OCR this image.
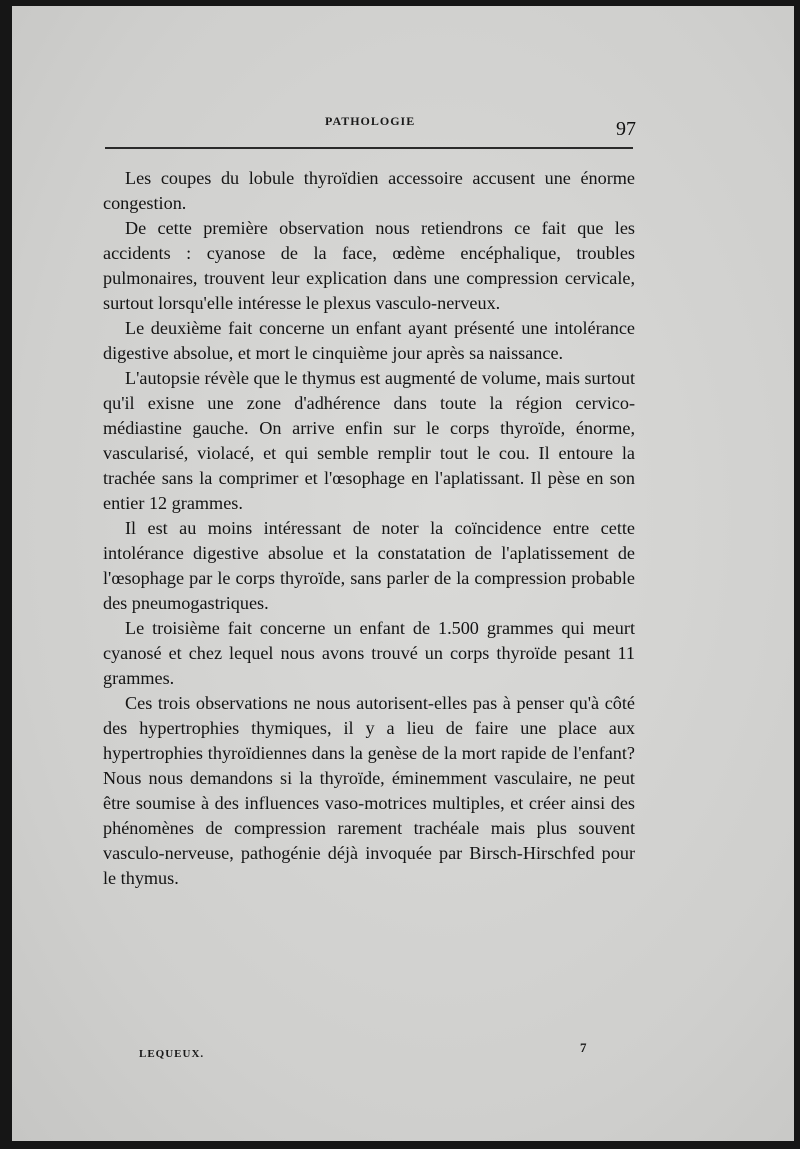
PATHOLOGIE	97

Les coupes du lobule thyroïdien accessoire accusent une énorme congestion.

De cette première observation nous retiendrons ce fait que les accidents : cyanose de la face, œdème encéphalique, troubles pulmonaires, trouvent leur explication dans une compression cervicale, surtout lorsqu'elle intéresse le plexus vasculo-nerveux.

Le deuxième fait concerne un enfant ayant présenté une intolérance digestive absolue, et mort le cinquième jour après sa naissance.

L'autopsie révèle que le thymus est augmenté de volume, mais surtout qu'il exisne une zone d'adhérence dans toute la région cervico-médiastine gauche. On arrive enfin sur le corps thyroïde, énorme, vascularisé, violacé, et qui semble remplir tout le cou. Il entoure la trachée sans la comprimer et l'œsophage en l'aplatissant. Il pèse en son entier 12 grammes.

Il est au moins intéressant de noter la coïncidence entre cette intolérance digestive absolue et la constatation de l'aplatissement de l'œsophage par le corps thyroïde, sans parler de la compression probable des pneumogastriques.

Le troisième fait concerne un enfant de 1.500 grammes qui meurt cyanosé et chez lequel nous avons trouvé un corps thyroïde pesant 11 grammes.

Ces trois observations ne nous autorisent-elles pas à penser qu'à côté des hypertrophies thymiques, il y a lieu de faire une place aux hypertrophies thyroïdiennes dans la genèse de la mort rapide de l'enfant? Nous nous demandons si la thyroïde, éminemment vasculaire, ne peut être soumise à des influences vaso-motrices multiples, et créer ainsi des phénomènes de compression rarement trachéale mais plus souvent vasculo-nerveuse, pathogénie déjà invoquée par Birsch-Hirschfed pour le thymus.

LEQUEUX.	7
